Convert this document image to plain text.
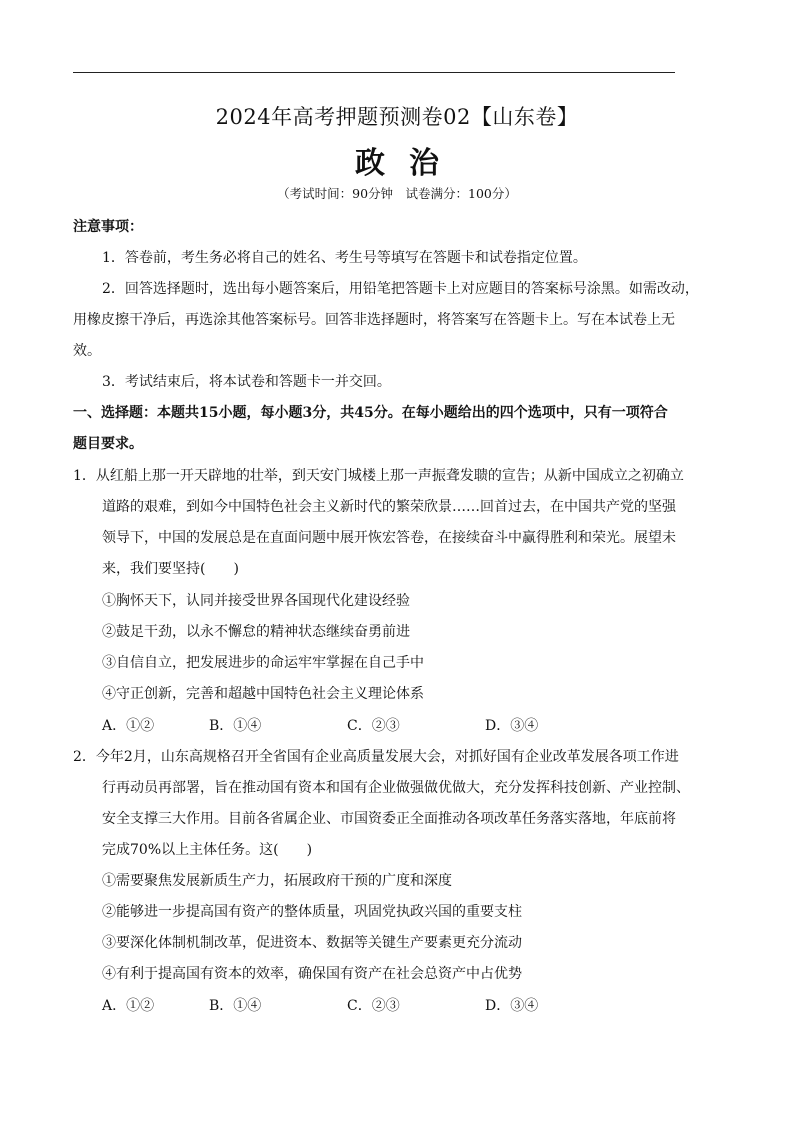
2024年高考押题预测卷02【山东卷】
政治
（考试时间：90分钟　试卷满分：100分）
注意事项：
1．答卷前，考生务必将自己的姓名、考生号等填写在答题卡和试卷指定位置。
2．回答选择题时，选出每小题答案后，用铅笔把答题卡上对应题目的答案标号涂黑。如需改动，
用橡皮擦干净后，再选涂其他答案标号。回答非选择题时，将答案写在答题卡上。写在本试卷上无
效。
3．考试结束后，将本试卷和答题卡一并交回。
一、选择题：本题共15小题，每小题3分，共45分。在每小题给出的四个选项中，只有一项符合
题目要求。
1．从红船上那一开天辟地的壮举，到天安门城楼上那一声振聋发聩的宣告；从新中国成立之初确立
道路的艰难，到如今中国特色社会主义新时代的繁荣欣景……回首过去，在中国共产党的坚强
领导下，中国的发展总是在直面问题中展开恢宏答卷，在接续奋斗中赢得胜利和荣光。展望未
来，我们要坚持(　　)
①胸怀天下，认同并接受世界各国现代化建设经验
②鼓足干劲，以永不懈怠的精神状态继续奋勇前进
③自信自立，把发展进步的命运牢牢掌握在自己手中
④守正创新，完善和超越中国特色社会主义理论体系
A．①②	B．①④	C．②③	D．③④
2．今年2月，山东高规格召开全省国有企业高质量发展大会，对抓好国有企业改革发展各项工作进
行再动员再部署，旨在推动国有资本和国有企业做强做优做大，充分发挥科技创新、产业控制、
安全支撑三大作用。目前各省属企业、市国资委正全面推动各项改革任务落实落地，年底前将
完成70%以上主体任务。这(　　)
①需要聚焦发展新质生产力，拓展政府干预的广度和深度
②能够进一步提高国有资产的整体质量，巩固党执政兴国的重要支柱
③要深化体制机制改革，促进资本、数据等关键生产要素更充分流动
④有利于提高国有资本的效率，确保国有资产在社会总资产中占优势
A．①②	B．①④	C．②③	D．③④
